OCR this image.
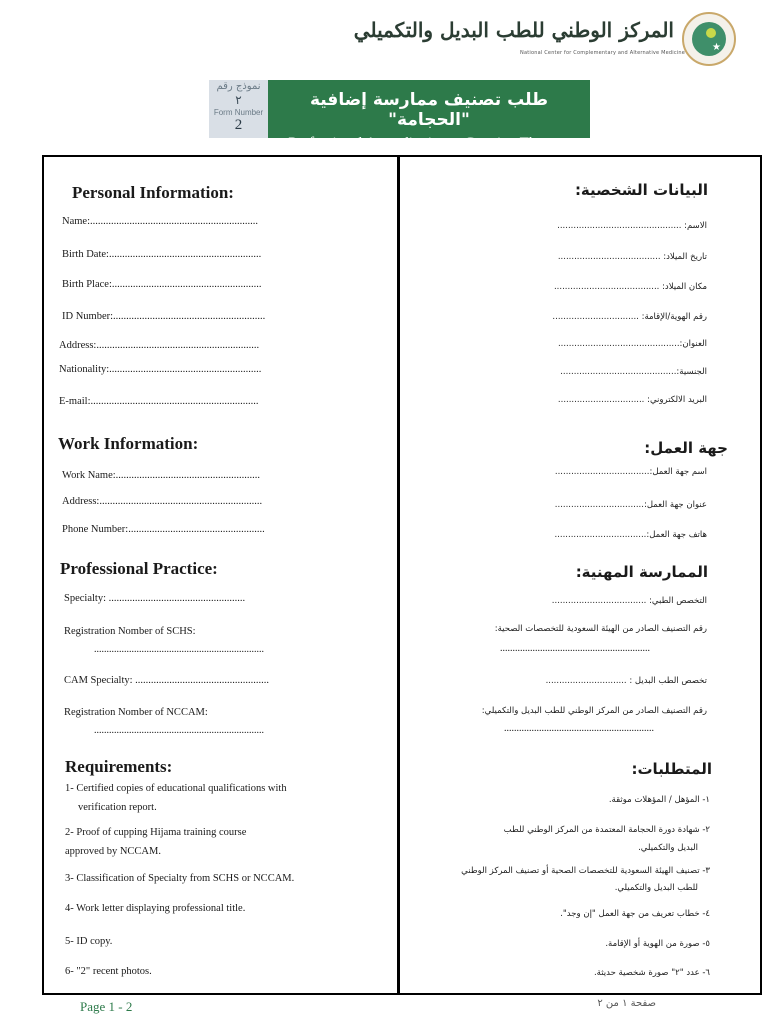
★
المركز الوطني للطب البديل والتكميلي
National Center for Complementary and Alternative Medicine
نموذج رقم
٢
Form Number
2
طلب تصنيف ممارسة إضافية "الحجامة"
Professional Accreditation -- Cupping Therapy
Personal Information:	البيانات الشخصية:
Name:................................................................
Birth Date:..........................................................
Birth Place:.........................................................
ID Number:..........................................................
Address:..............................................................
Nationality:..........................................................
E-mail:................................................................
الاسم: ..............................................
تاريخ الميلاد: ......................................
مكان الميلاد: .......................................
رقم الهوية/الإقامة: ................................
العنوان:.............................................
الجنسية:...........................................
البريد الالكتروني: ................................
Work Information:	جهة العمل:
Work Name:.......................................................
Address:..............................................................
Phone Number:....................................................
اسم جهة العمل:...................................
عنوان جهة العمل:.................................
هاتف جهة العمل:..................................
Professional Practice:	الممارسة المهنية:
Specialty: ....................................................
Registration Nomber of SCHS:
....................................................................
CAM Specialty: ...................................................
Registration Nomber of NCCAM:
....................................................................
التخصص الطبي: ...................................
رقم التصنيف الصادر من الهيئة السعودية للتخصصات الصحية:
............................................................
تخصص الطب البديل : ..............................
رقم التصنيف الصادر من المركز الوطني للطب البديل والتكميلي:
............................................................
Requirements:	المتطلبات:
1- Certified copies of educational qualifications with
verification report.
2- Proof of cupping Hijama training course
approved by NCCAM.
3- Classification of Specialty from SCHS or NCCAM.
4- Work letter displaying professional title.
5- ID copy.
6- "2" recent photos.
١- المؤهل / المؤهلات موثقة.
٢- شهادة دورة الحجامة المعتمدة من المركز الوطني للطب
البديل والتكميلي.
٣- تصنيف الهيئة السعودية للتخصصات الصحية أو تصنيف المركز الوطني
للطب البديل والتكميلي.
٤- خطاب تعريف من جهة العمل "إن وجد".
٥- صورة من الهوية أو الإقامة.
٦- عدد "٢" صورة شخصية حديثة.
Page 1 - 2	صفحة ١ من ٢
